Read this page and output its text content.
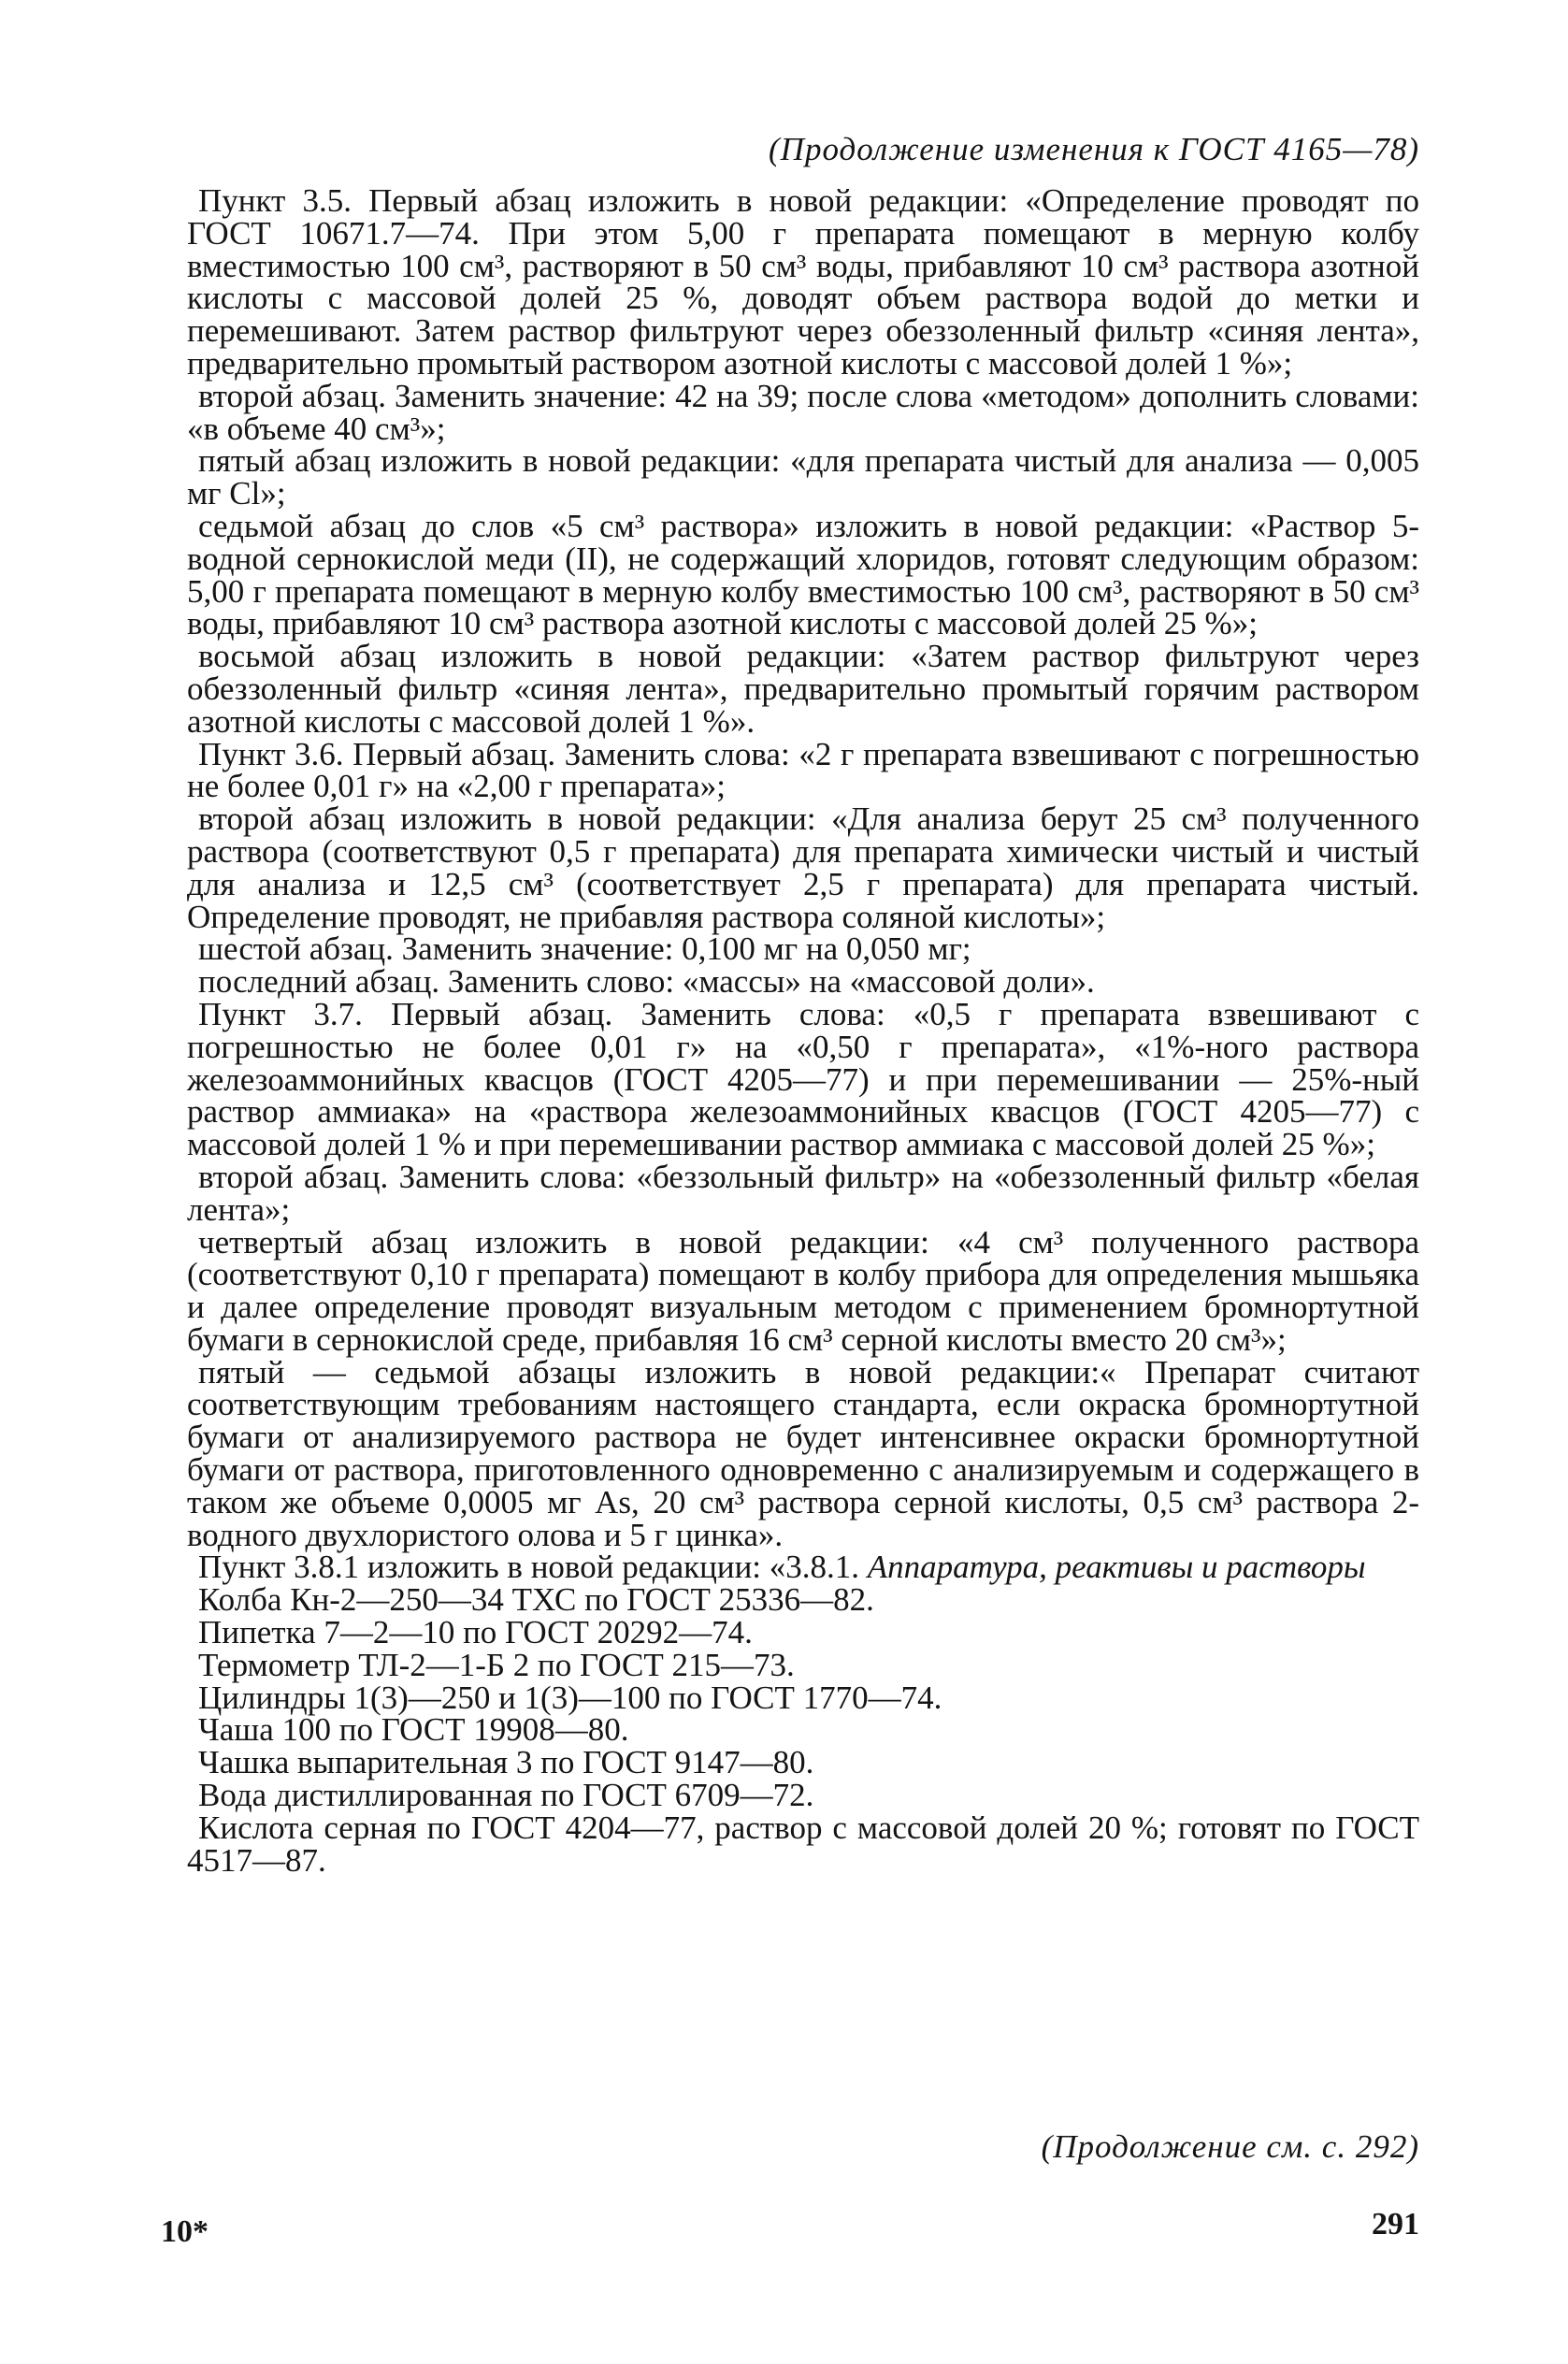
(Продолжение изменения к ГОСТ 4165—78)

Пункт 3.5. Первый абзац изложить в новой редакции: «Определение проводят по ГОСТ 10671.7—74. При этом 5,00 г препарата помещают в мерную колбу вместимостью 100 см³, растворяют в 50 см³ воды, прибавляют 10 см³ раствора азотной кислоты с массовой долей 25 %, доводят объем раствора водой до метки и перемешивают. Затем раствор фильтруют через обеззоленный фильтр «синяя лента», предварительно промытый раствором азотной кислоты с массовой долей 1 %»;

второй абзац. Заменить значение: 42 на 39; после слова «методом» дополнить словами: «в объеме 40 см³»;

пятый абзац изложить в новой редакции: «для препарата чистый для анализа — 0,005 мг Cl»;

седьмой абзац до слов «5 см³ раствора» изложить в новой редакции: «Раствор 5-водной сернокислой меди (II), не содержащий хлоридов, готовят следующим образом: 5,00 г препарата помещают в мерную колбу вместимостью 100 см³, растворяют в 50 см³ воды, прибавляют 10 см³ раствора азотной кислоты с массовой долей 25 %»;

восьмой абзац изложить в новой редакции: «Затем раствор фильтруют через обеззоленный фильтр «синяя лента», предварительно промытый горячим раствором азотной кислоты с массовой долей 1 %».

Пункт 3.6. Первый абзац. Заменить слова: «2 г препарата взвешивают с погрешностью не более 0,01 г» на «2,00 г препарата»;

второй абзац изложить в новой редакции: «Для анализа берут 25 см³ полученного раствора (соответствуют 0,5 г препарата) для препарата химически чистый и чистый для анализа и 12,5 см³ (соответствует 2,5 г препарата) для препарата чистый. Определение проводят, не прибавляя раствора соляной кислоты»;

шестой абзац. Заменить значение: 0,100 мг на 0,050 мг;

последний абзац. Заменить слово: «массы» на «массовой доли».

Пункт 3.7. Первый абзац. Заменить слова: «0,5 г препарата взвешивают с погрешностью не более 0,01 г» на «0,50 г препарата», «1%-ного раствора железоаммонийных квасцов (ГОСТ 4205—77) и при перемешивании — 25%-ный раствор аммиака» на «раствора железоаммонийных квасцов (ГОСТ 4205—77) с массовой долей 1 % и при перемешивании раствор аммиака с массовой долей 25 %»;

второй абзац. Заменить слова: «беззольный фильтр» на «обеззоленный фильтр «белая лента»;

четвертый абзац изложить в новой редакции: «4 см³ полученного раствора (соответствуют 0,10 г препарата) помещают в колбу прибора для определения мышьяка и далее определение проводят визуальным методом с применением бромнортутной бумаги в сернокислой среде, прибавляя 16 см³ серной кислоты вместо 20 см³»;

пятый — седьмой абзацы изложить в новой редакции:« Препарат считают соответствующим требованиям настоящего стандарта, если окраска бромнортутной бумаги от анализируемого раствора не будет интенсивнее окраски бромнортутной бумаги от раствора, приготовленного одновременно с анализируемым и содержащего в таком же объеме 0,0005 мг As, 20 см³ раствора серной кислоты, 0,5 см³ раствора 2-водного двухлористого олова и 5 г цинка».

Пункт 3.8.1 изложить в новой редакции: «3.8.1. Аппаратура, реактивы и растворы

Колба Кн-2—250—34 ТХС по ГОСТ 25336—82.

Пипетка 7—2—10 по ГОСТ 20292—74.

Термометр ТЛ-2—1-Б 2 по ГОСТ 215—73.

Цилиндры 1(3)—250 и 1(3)—100 по ГОСТ 1770—74.

Чаша 100 по ГОСТ 19908—80.

Чашка выпарительная 3 по ГОСТ 9147—80.

Вода дистиллированная по ГОСТ 6709—72.

Кислота серная по ГОСТ 4204—77, раствор с массовой долей 20 %; готовят по ГОСТ 4517—87.

(Продолжение см. с. 292)
10*	291
